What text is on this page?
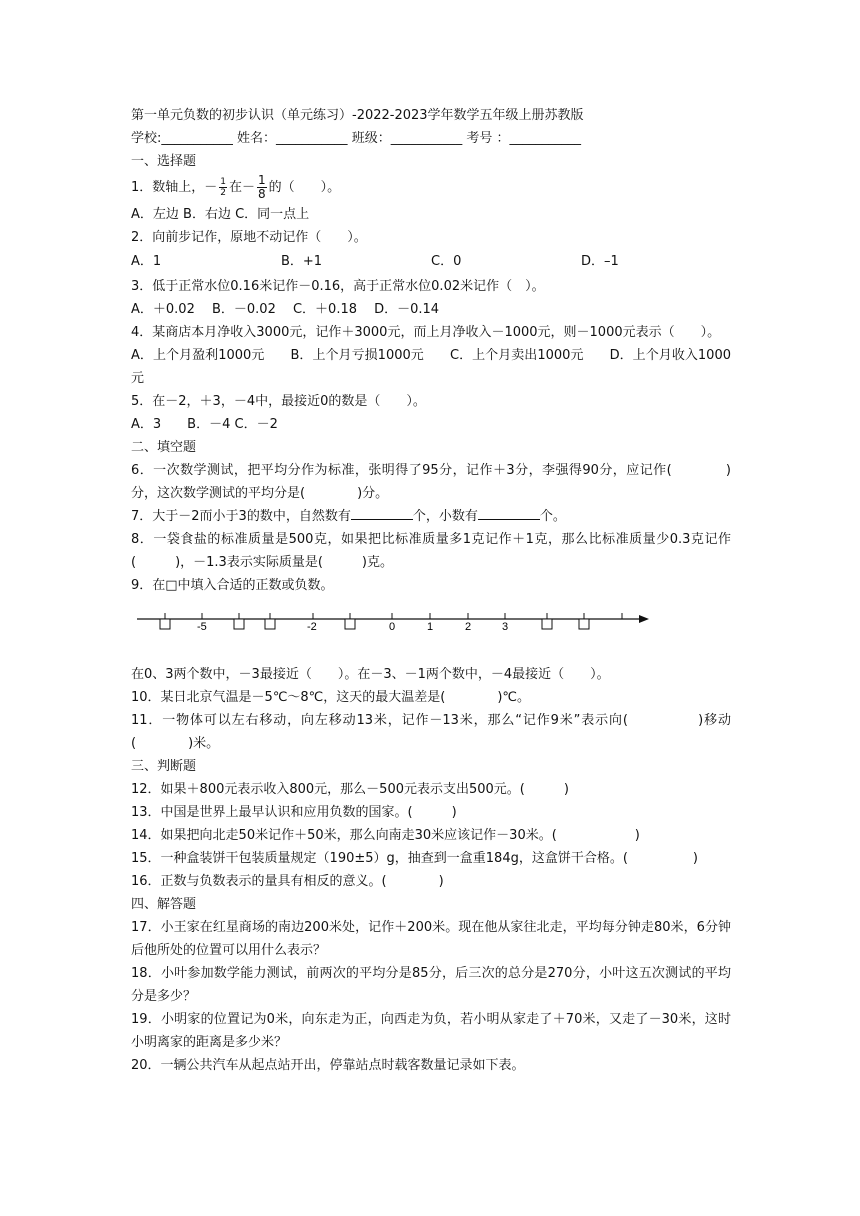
第一单元负数的初步认识（单元练习）-2022-2023学年数学五年级上册苏教版
学校:___________ 姓名：___________ 班级：___________ 考号 ：___________
一、选择题
1．数轴上，－ $\frac{1}{2}$ 在－ $\frac{1}{8}$ 的（　　）。
A．左边 B．右边 C．同一点上
2．向前步记作，原地不动记作（　　）。
A．1	B．+1	C．0	D．–1
3．低于正常水位0.16米记作－0.16，高于正常水位0.02米记作（　）。
A．＋0.02　 B．－0.02　 C．＋0.18　 D．－0.14
4．某商店本月净收入3000元，记作＋3000元，而上月净收入－1000元，则－1000元表示（　　）。
A．上个月盈利1000元　　B．上个月亏损1000元　　C．上个月卖出1000元　　D．上个月收入1000元
5．在－2，＋3，－4中，最接近0的数是（　　）。
A．3　　B．－4 C．－2
二、填空题
6．一次数学测试，把平均分作为标准，张明得了95分，记作＋3分，李强得90分，应记作(　　　　)分，这次数学测试的平均分是(　　　　)分。
7．大于－2而小于3的数中，自然数有	个，小数有	个。
8．一袋食盐的标准质量是500克，如果把比标准质量多1克记作＋1克，那么比标准质量少0.3克记作(　　　)，－1.3表示实际质量是(　　　)克。
9．在□中填入合适的正数或负数。
-5	-2	0	1	2	3
在0、3两个数中，－3最接近（　　）。在－3、－1两个数中，－4最接近（　　）。
10．某日北京气温是－5℃～8℃，这天的最大温差是(　　　　)℃。
11．一物体可以左右移动，向左移动13米，记作－13米，那么“记作9米”表示向(　　　　　)移动(　　　　)米。
三、判断题
12．如果＋800元表示收入800元，那么－500元表示支出500元。(　　　)
13．中国是世界上最早认识和应用负数的国家。(　　　)
14．如果把向北走50米记作＋50米，那么向南走30米应该记作－30米。(　　　　　　)
15．一种盒装饼干包装质量规定（190±5）g，抽查到一盒重184g，这盒饼干合格。(　　　　　)
16．正数与负数表示的量具有相反的意义。(　　　　)
四、解答题
17．小王家在红星商场的南边200米处，记作＋200米。现在他从家往北走，平均每分钟走80米，6分钟后他所处的位置可以用什么表示？
18．小叶参加数学能力测试，前两次的平均分是85分，后三次的总分是270分，小叶这五次测试的平均分是多少？
19．小明家的位置记为0米，向东走为正，向西走为负，若小明从家走了＋70米，又走了－30米，这时小明离家的距离是多少米？
20．一辆公共汽车从起点站开出，停靠站点时载客数量记录如下表。
